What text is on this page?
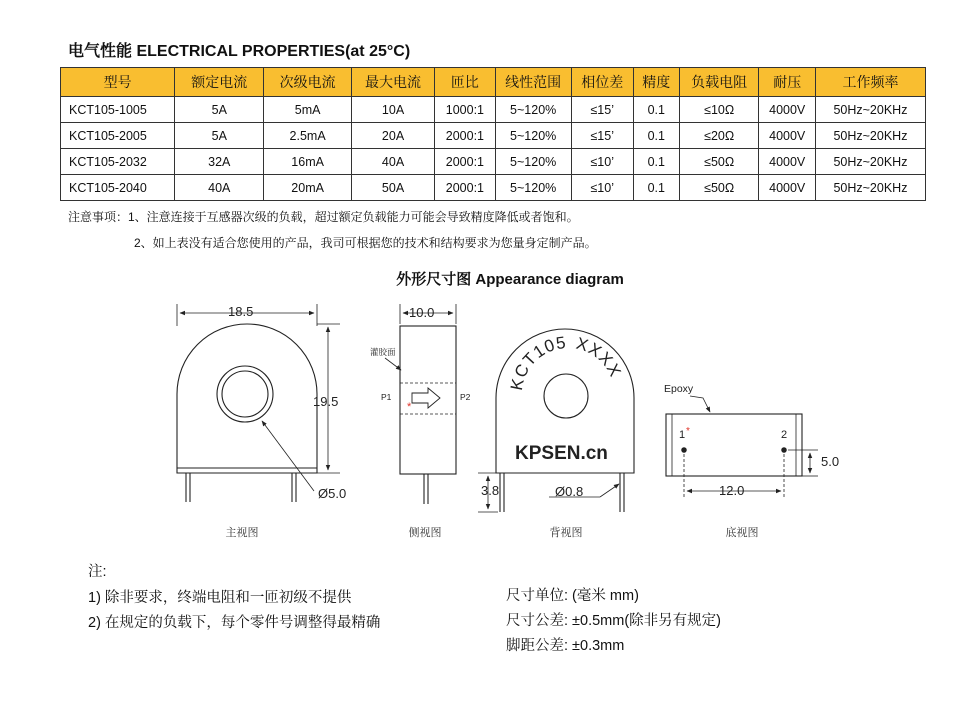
电气性能 ELECTRICAL PROPERTIES(at 25°C)
型号	额定电流	次级电流	最大电流	匝比	线性范围	相位差	精度	负载电阻	耐压	工作频率
KCT105-1005	5A	5mA	10A	1000:1	5~120%	≤15’	0.1	≤10Ω	4000V	50Hz~20KHz
KCT105-2005	5A	2.5mA	20A	2000:1	5~120%	≤15’	0.1	≤20Ω	4000V	50Hz~20KHz
KCT105-2032	32A	16mA	40A	2000:1	5~120%	≤10’	0.1	≤50Ω	4000V	50Hz~20KHz
KCT105-2040	40A	20mA	50A	2000:1	5~120%	≤10’	0.1	≤50Ω	4000V	50Hz~20KHz
注意事项：1、注意连接于互感器次级的负载，超过额定负载能力可能会导致精度降低或者饱和。
2、如上表没有适合您使用的产品，我司可根据您的技术和结构要求为您量身定制产品。
外形尺寸图 Appearance diagram
18.5
19.5
Ø5.0
10.0
灌胶面
P1	P2
*
KCT105 XXXX
KPSEN.cn
3.8	Ø0.8
Epoxy
1 *	2
12.0
5.0
主视图	侧视图	背视图	底视图
注:
1) 除非要求，终端电阻和一匝初级不提供
2) 在规定的负载下，每个零件号调整得最精确
尺寸单位: (毫米 mm)
尺寸公差: ±0.5mm(除非另有规定)
脚距公差: ±0.3mm
